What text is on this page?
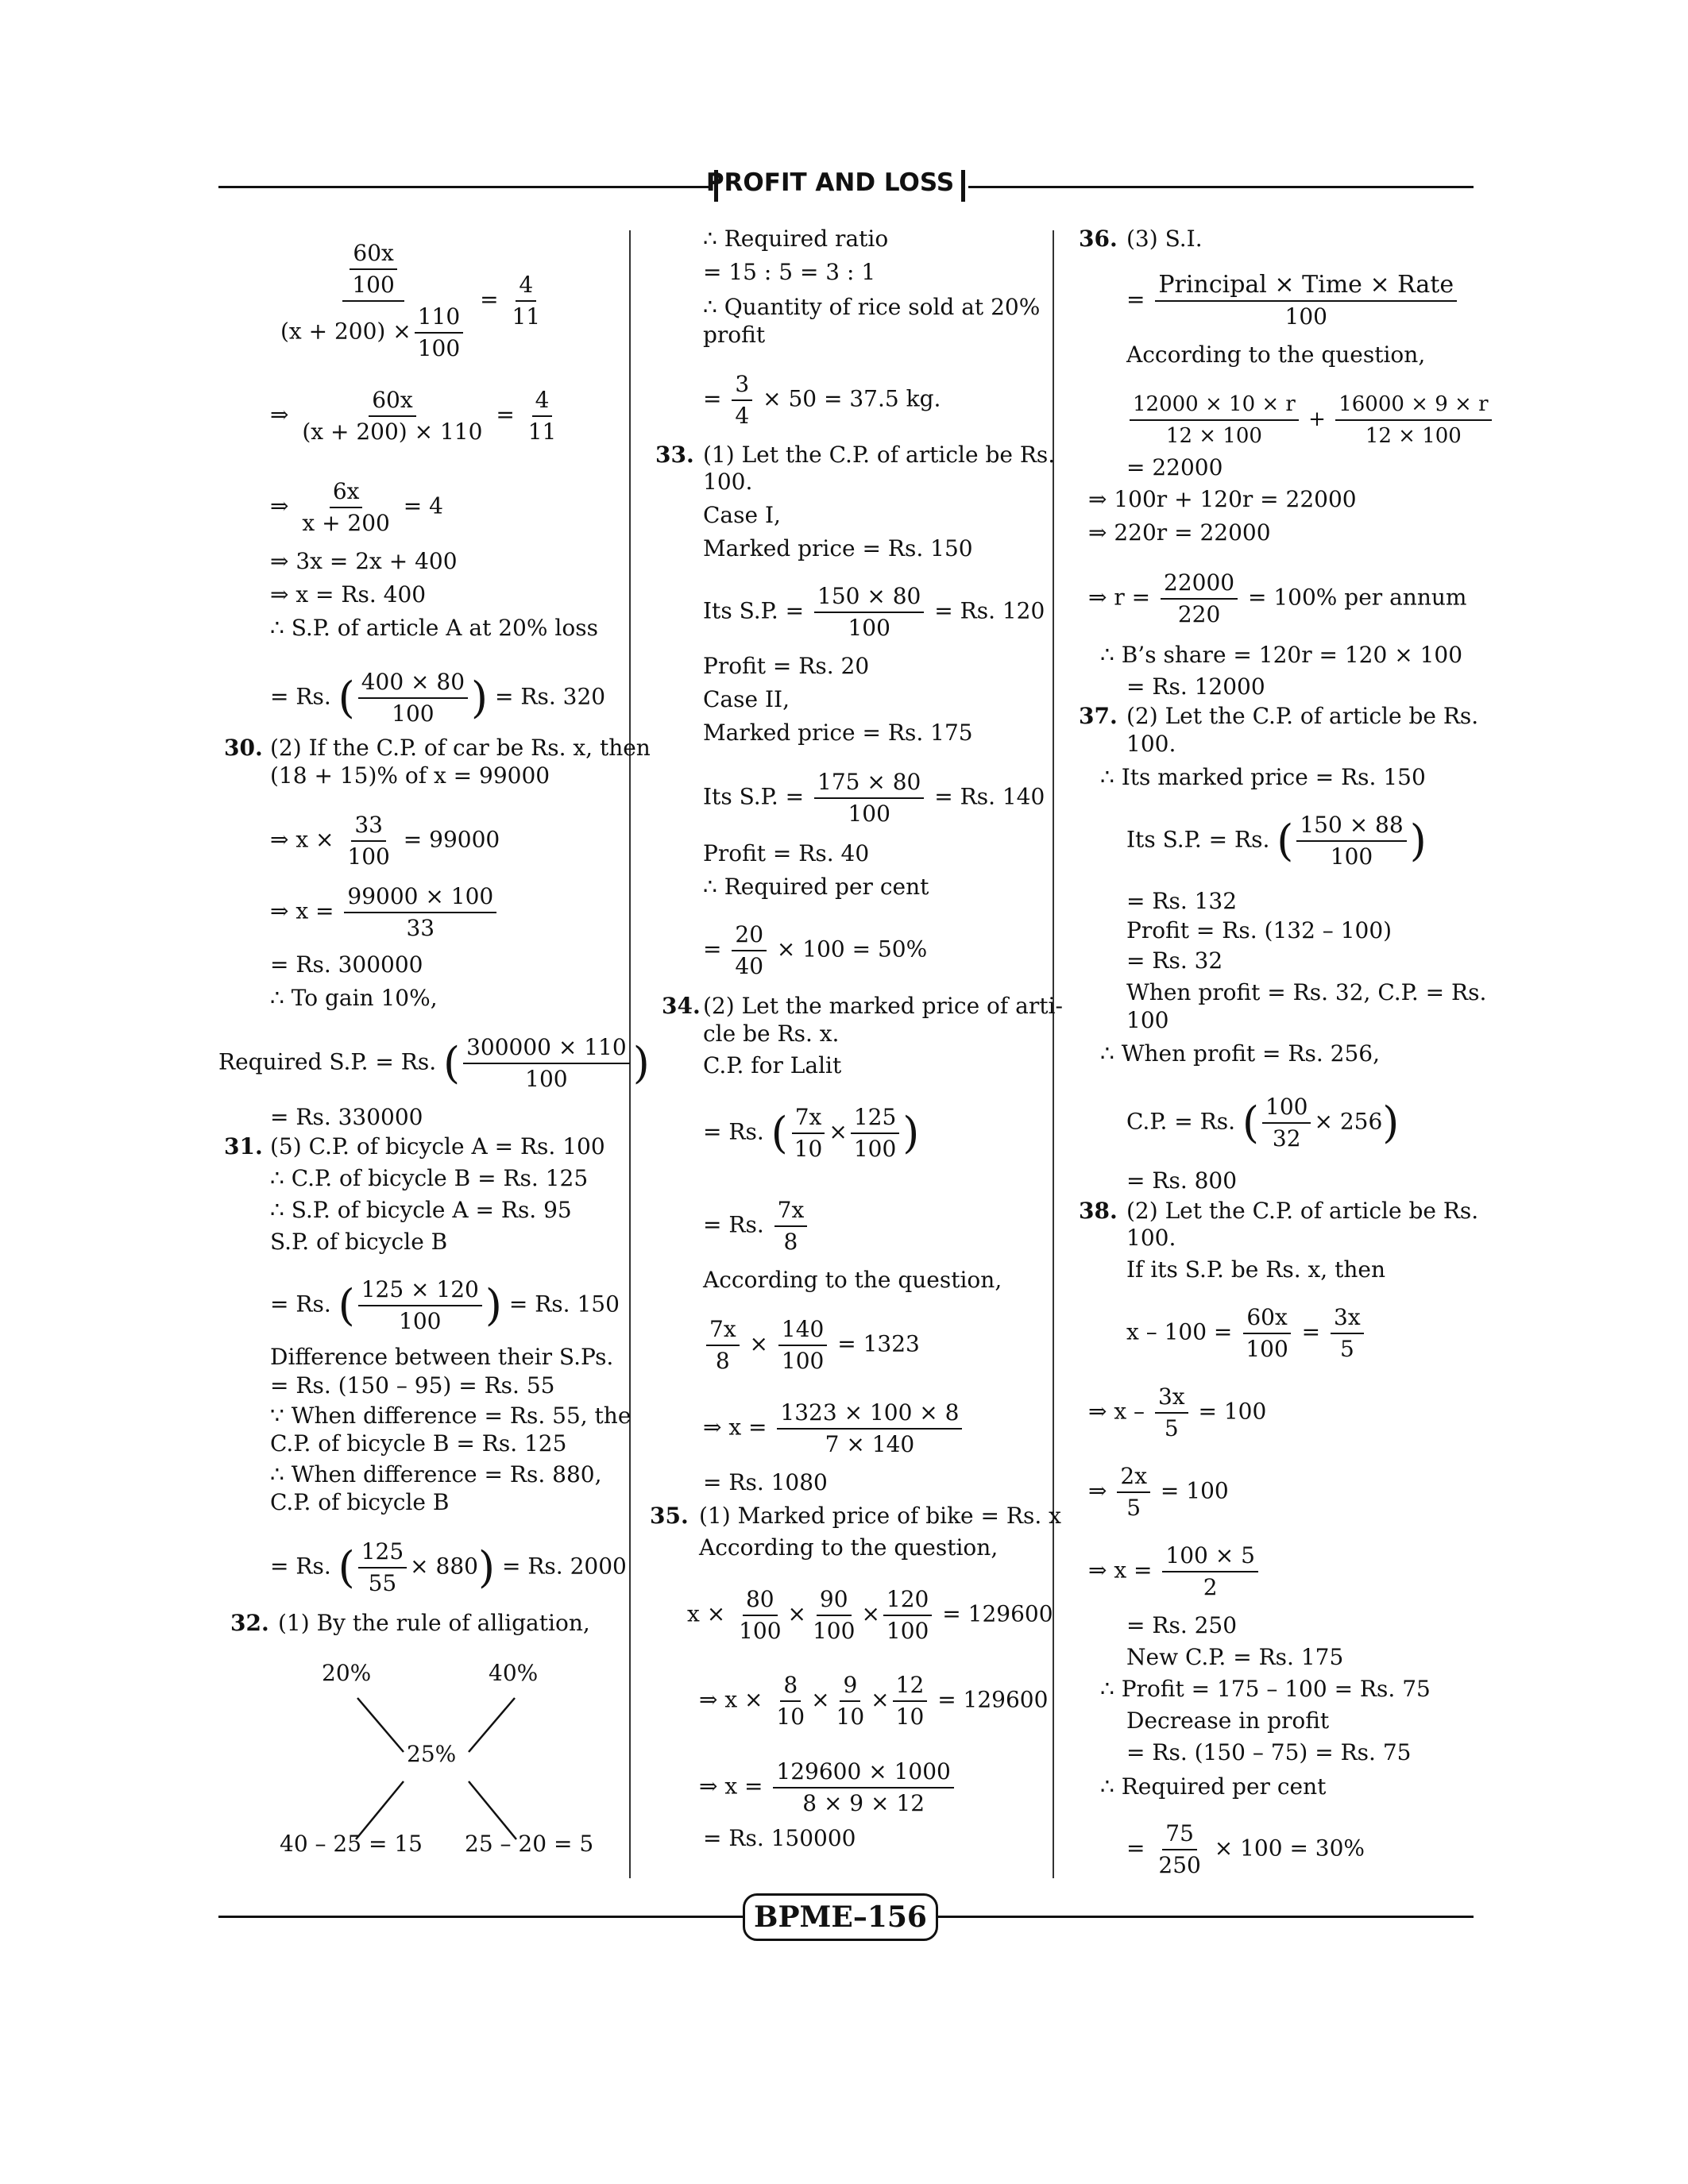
PROFIT AND LOSS
$\frac{\frac{60x}{100}}{(x + 200) \times \frac{110}{100}} = \frac{4}{11}$
⇒ $\frac{60x}{(x + 200) \times 110} = \frac{4}{11}$
⇒ $\frac{6x}{x + 200} = 4$
⇒ 3x = 2x + 400
⇒ x = Rs. 400
∴ S.P. of article A at 20% loss
= Rs. ( $\frac{400 \times 80}{100}$ ) = Rs. 320
30. (2) If the C.P. of car be Rs. x, then
(18 + 15)% of x = 99000
⇒ $x \times \frac{33}{100} = 99000$
⇒ $x = \frac{99000 \times 100}{33}$
= Rs. 300000
∴ To gain 10%,
Required S.P. = Rs. ( $\frac{300000 \times 110}{100}$ )
= Rs. 330000
31. (5) C.P. of bicycle A = Rs. 100
∴ C.P. of bicycle B = Rs. 125
∴ S.P. of bicycle A = Rs. 95
S.P. of bicycle B
= Rs. ( $\frac{125 \times 120}{100}$ ) = Rs. 150
Difference between their S.Ps.
= Rs. (150 – 95) = Rs. 55
∵ When difference = Rs. 55, the
C.P. of bicycle B = Rs. 125
∴ When difference = Rs. 880,
C.P. of bicycle B
= Rs. ( $\frac{125}{55} \times 880) = Rs$. 2000
32. (1) By the rule of alligation,
20%	40%
25%
40 – 25 = 15 25 – 20 = 5
∴ Required ratio
= 15 : 5 = 3 : 1
∴ Quantity of rice sold at 20%
profit
= $\frac{3}{4} \times 50 = 37.5$ kg.
33. (1) Let the C.P. of article be Rs.
100.
Case I,
Marked price = Rs. 150
Its S.P. = $\frac{150 \times 80}{100} = Rs$. 120
Profit = Rs. 20
Case II,
Marked price = Rs. 175
Its S.P. = $\frac{175 \times 80}{100} = Rs$. 140
Profit = Rs. 40
∴ Required per cent
= $\frac{20}{40} \times 100 = 50\%$
34. (2) Let the marked price of arti-
cle be Rs. x.
C.P. for Lalit
= Rs. ( $\frac{7x}{10} \times \frac{125}{100}$ )
= Rs. $\frac{7x}{8}$
According to the question,
$\frac{7x}{8} \times \frac{140}{100} = 1323$
⇒ $x = \frac{1323 \times 100 \times 8}{7 \times 140}$
= Rs. 1080
35. (1) Marked price of bike = Rs. x
According to the question,
$x \times \frac{80}{100} \times \frac{90}{100} \times \frac{120}{100} = 129600$
⇒ $x \times \frac{8}{10} \times \frac{9}{10} \times \frac{12}{10} = 129600$
⇒ $x = \frac{129600 \times 1000}{8 \times 9 \times 12}$
= Rs. 150000
36. (3) S.I.
=
Principal × Time × Rate
100
According to the question,
$\frac{12000 \times 10 \times r}{12 \times 100} + \frac{16000 \times 9 \times r}{12 \times 100}$
= 22000
⇒ 100r + 120r = 22000
⇒ 220r = 22000
⇒ $r = \frac{22000}{220} = 100\%$ per annum
∴ B’s share = 120r = 120 × 100
= Rs. 12000
37. (2) Let the C.P. of article be Rs.
100.
∴ Its marked price = Rs. 150
Its S.P. = Rs. ( $\frac{150 \times 88}{100}$ )
= Rs. 132
Profit = Rs. (132 – 100)
= Rs. 32
When profit = Rs. 32, C.P. = Rs.
100
∴ When profit = Rs. 256,
C.P. = Rs. ( $\frac{100}{32} \times 256$)
= Rs. 800
38. (2) Let the C.P. of article be Rs.
100.
If its S.P. be Rs. x, then
$x - 100 = \frac{60x}{100} = \frac{3x}{5}$
⇒ $x - \frac{3x}{5} = 100$
⇒ $\frac{2x}{5} = 100$
⇒ $x = \frac{100 \times 5}{2}$
= Rs. 250
New C.P. = Rs. 175
∴ Profit = 175 – 100 = Rs. 75
Decrease in profit
= Rs. (150 – 75) = Rs. 75
∴ Required per cent
= $\frac{75}{250} \times 100 = 30\%$
BPME–156
